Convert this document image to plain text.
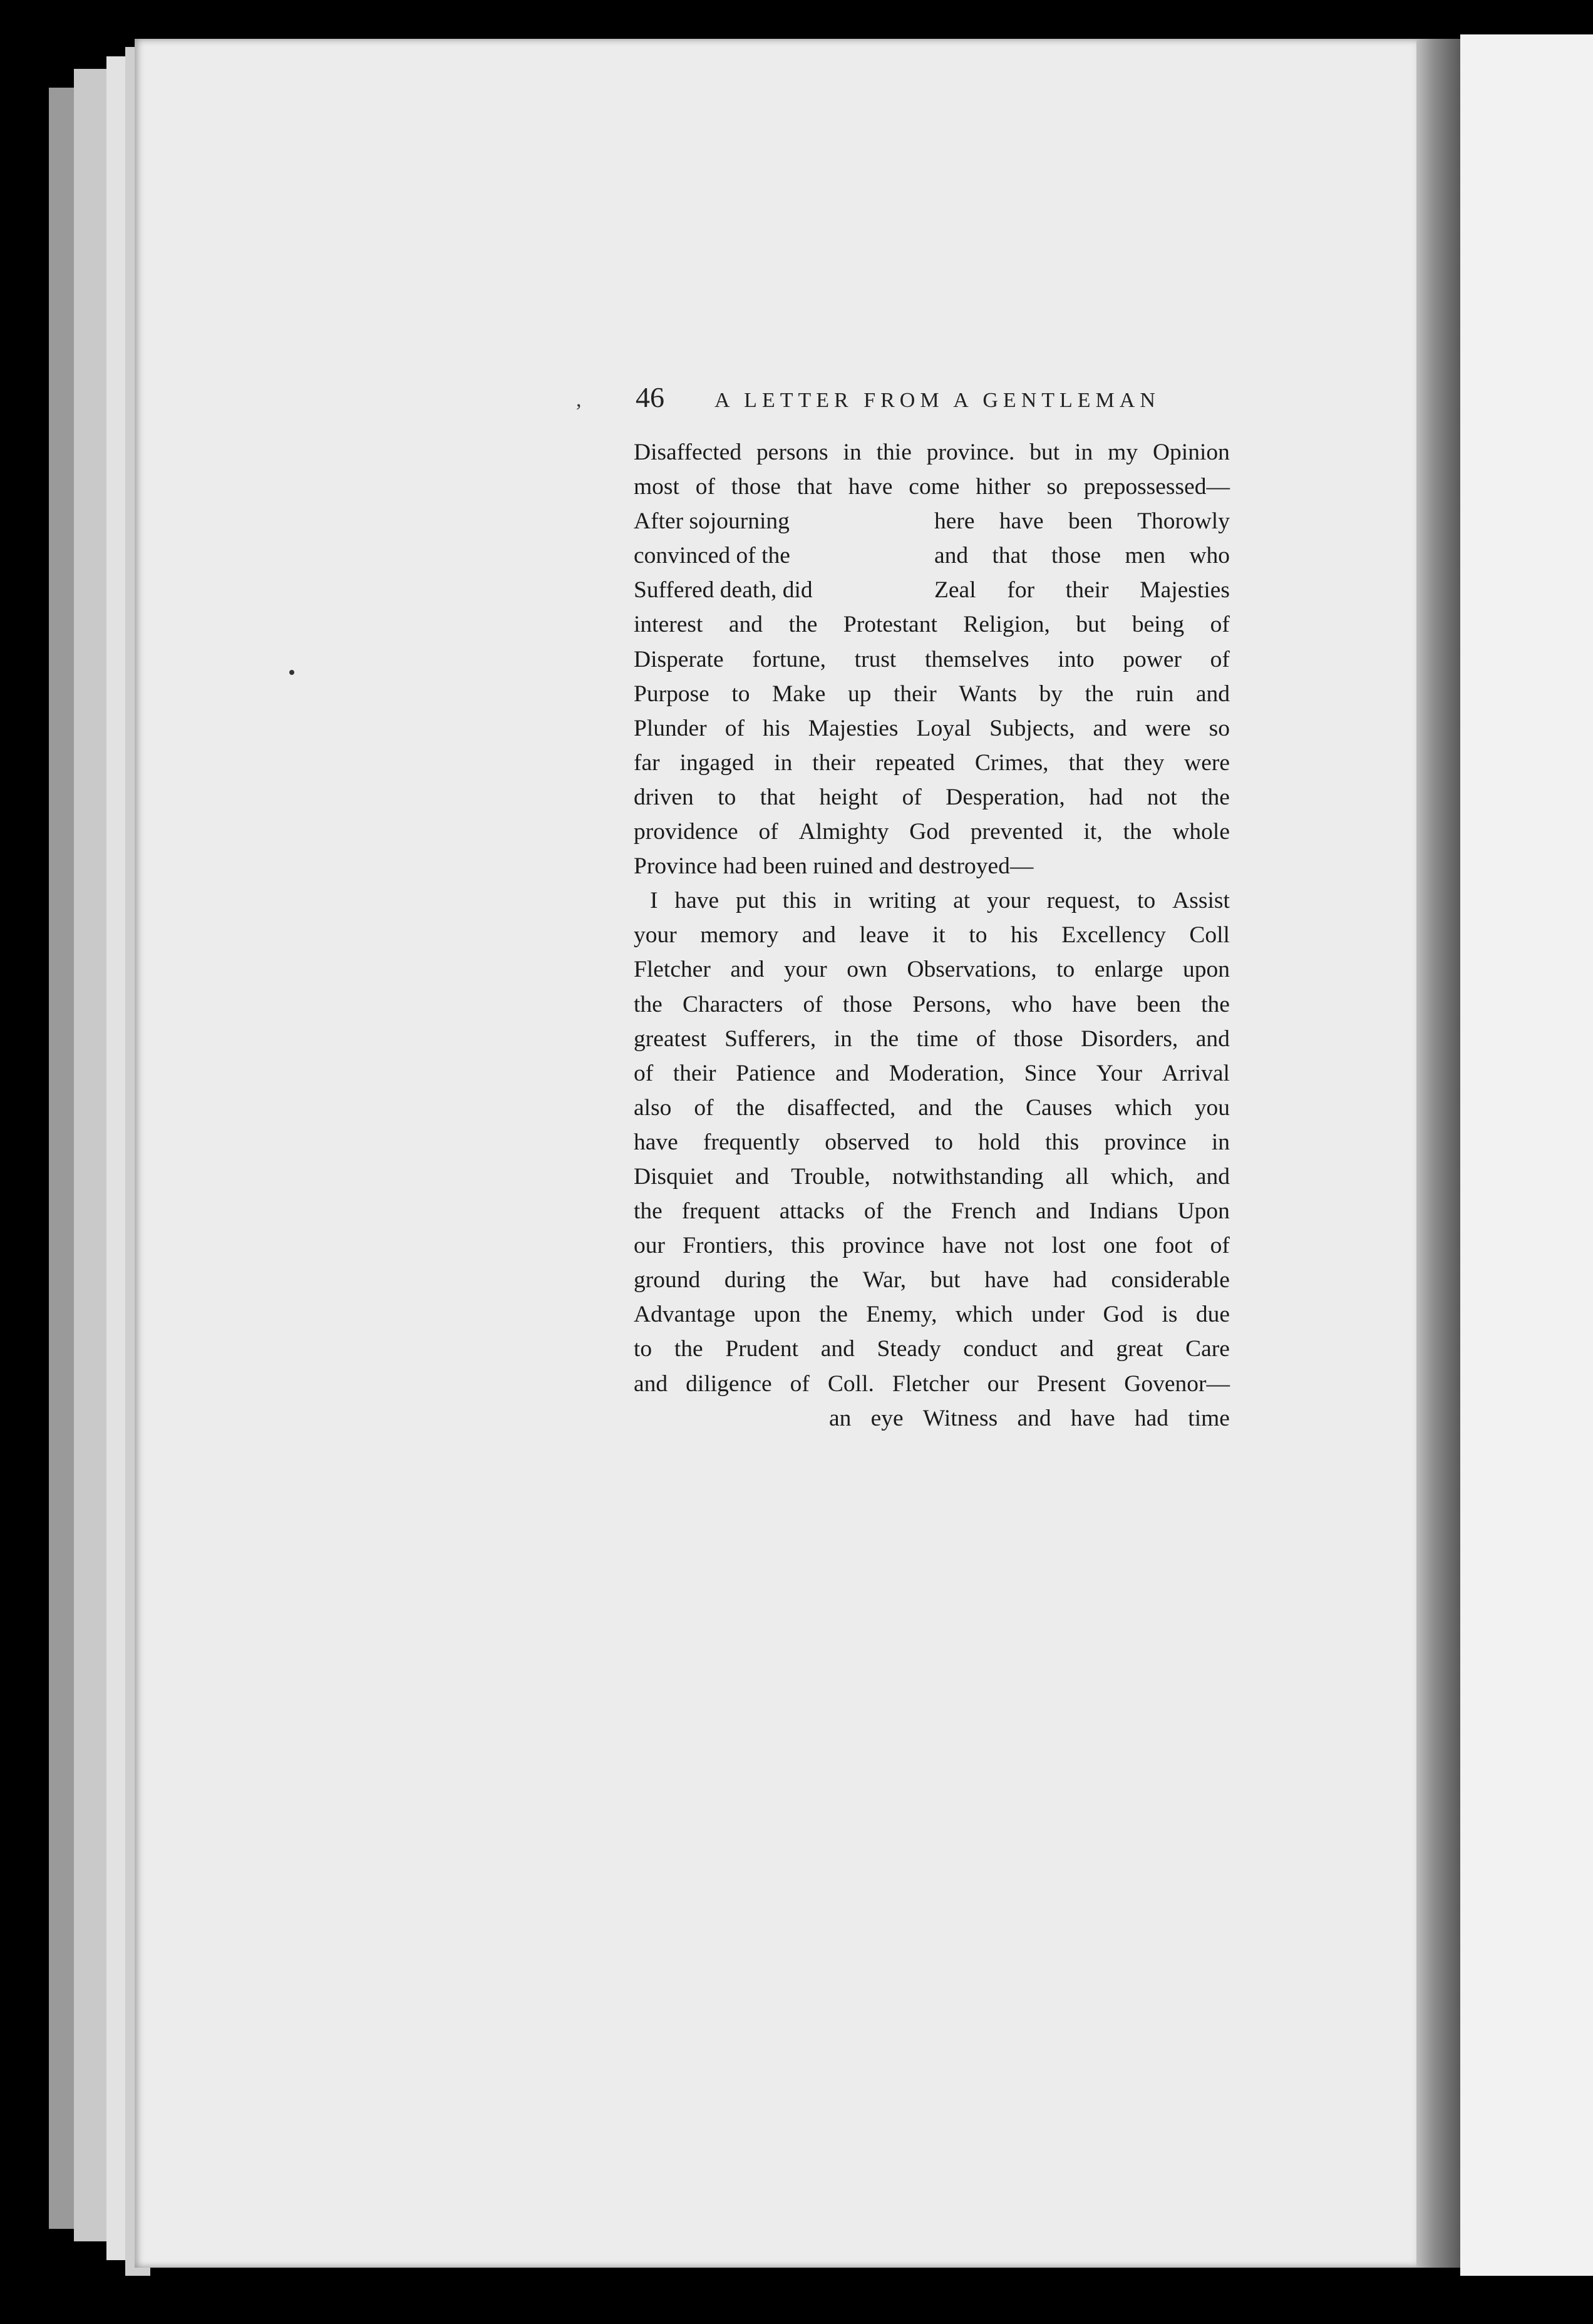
, 46 A LETTER FROM A GENTLEMAN
Disaffected persons in thie province. but in my Opinion
most of those that have come hither so prepossessed—
After sojourning	here have been Thorowly
convinced of the	and that those men who
Suffered death, did	Zeal for their Majesties
interest and the Protestant Religion, but being of
Disperate fortune, trust themselves into power of
Purpose to Make up their Wants by the ruin and
Plunder of his Majesties Loyal Subjects, and were so
far ingaged in their repeated Crimes, that they were
driven to that height of Desperation, had not the
providence of Almighty God prevented it, the whole
Province had been ruined and destroyed—
I have put this in writing at your request, to Assist
your memory and leave it to his Excellency Coll
Fletcher and your own Observations, to enlarge upon
the Characters of those Persons, who have been the
greatest Sufferers, in the time of those Disorders, and
of their Patience and Moderation, Since Your Arrival
also of the disaffected, and the Causes which you
have frequently observed to hold this province in
Disquiet and Trouble, notwithstanding all which, and
the frequent attacks of the French and Indians Upon
our Frontiers, this province have not lost one foot of
ground during the War, but have had considerable
Advantage upon the Enemy, which under God is due
to the Prudent and Steady conduct and great Care
and diligence of Coll. Fletcher our Present Govenor—
an eye Witness and have had time
